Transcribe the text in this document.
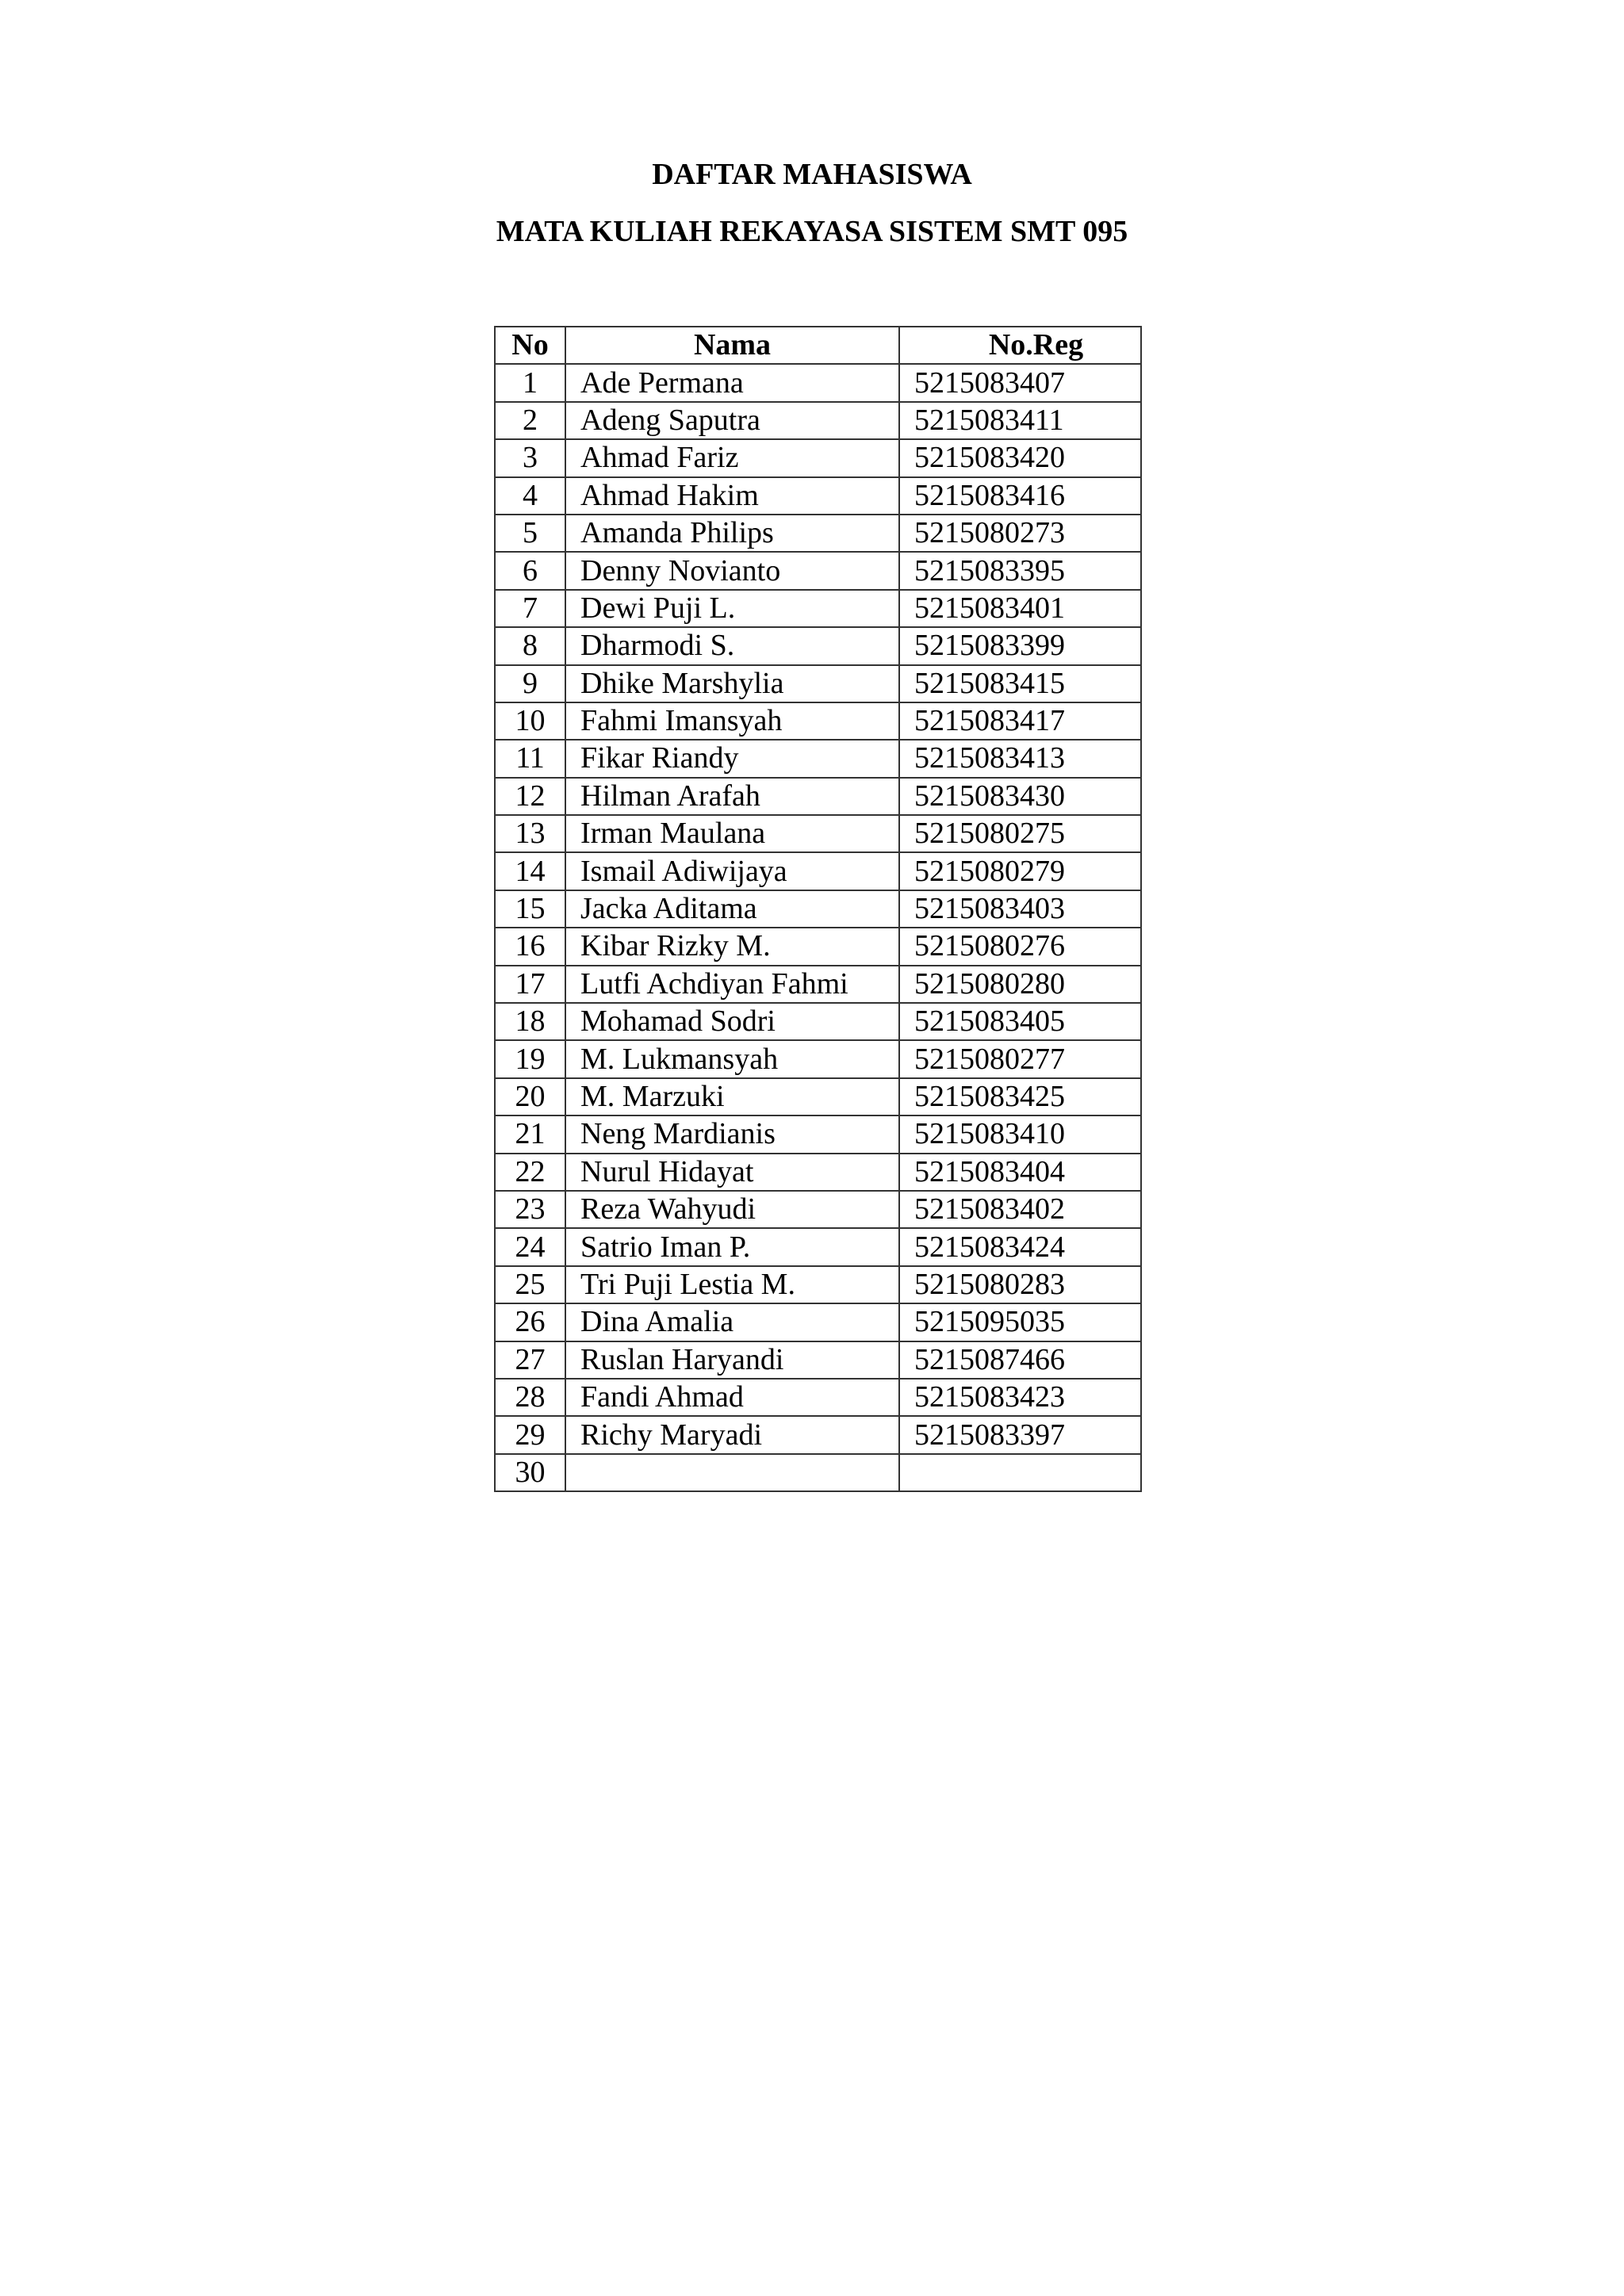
DAFTAR MAHASISWA
MATA KULIAH REKAYASA SISTEM SMT 095
No	Nama	No.Reg
1	Ade Permana	5215083407
2	Adeng Saputra	5215083411
3	Ahmad Fariz	5215083420
4	Ahmad Hakim	5215083416
5	Amanda Philips	5215080273
6	Denny Novianto	5215083395
7	Dewi Puji L.	5215083401
8	Dharmodi S.	5215083399
9	Dhike Marshylia	5215083415
10	Fahmi Imansyah	5215083417
11	Fikar Riandy	5215083413
12	Hilman Arafah	5215083430
13	Irman Maulana	5215080275
14	Ismail Adiwijaya	5215080279
15	Jacka Aditama	5215083403
16	Kibar Rizky M.	5215080276
17	Lutfi Achdiyan Fahmi	5215080280
18	Mohamad Sodri	5215083405
19	M. Lukmansyah	5215080277
20	M. Marzuki	5215083425
21	Neng Mardianis	5215083410
22	Nurul Hidayat	5215083404
23	Reza Wahyudi	5215083402
24	Satrio Iman P.	5215083424
25	Tri Puji Lestia M.	5215080283
26	Dina Amalia	5215095035
27	Ruslan Haryandi	5215087466
28	Fandi Ahmad	5215083423
29	Richy Maryadi	5215083397
30		
